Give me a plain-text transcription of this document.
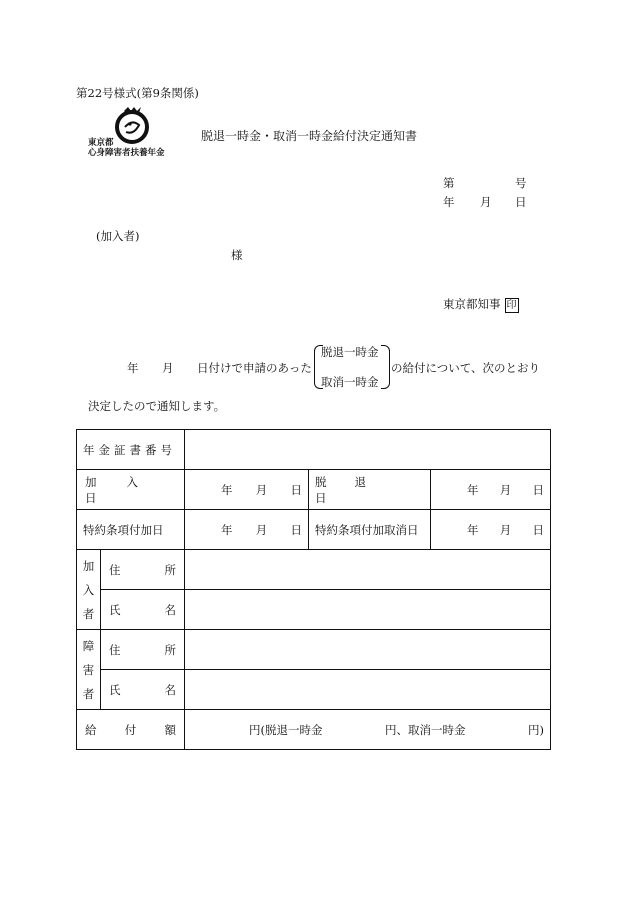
第22号様式(第9条関係)
東京都
心身障害者扶養年金
脱退一時金・取消一時金給付決定通知書
第	号
年 月 日
(加入者)
様
東京都知事 印
年 月 日付けで申請のあった
脱退一時金
取消一時金
の給付について、次のとおり
決定したので通知します。
年金証書番号				

加入日		年 月 日	脱退日	年 月 日

特約条項付加日		年 月 日	特約条項付加取消日	年 月 日

加
入
者	住 所			

	氏 名			

障
害
者	住 所			

	氏 名			

給 付 額		円(脱退一時金 円、取消一時金 円)		
